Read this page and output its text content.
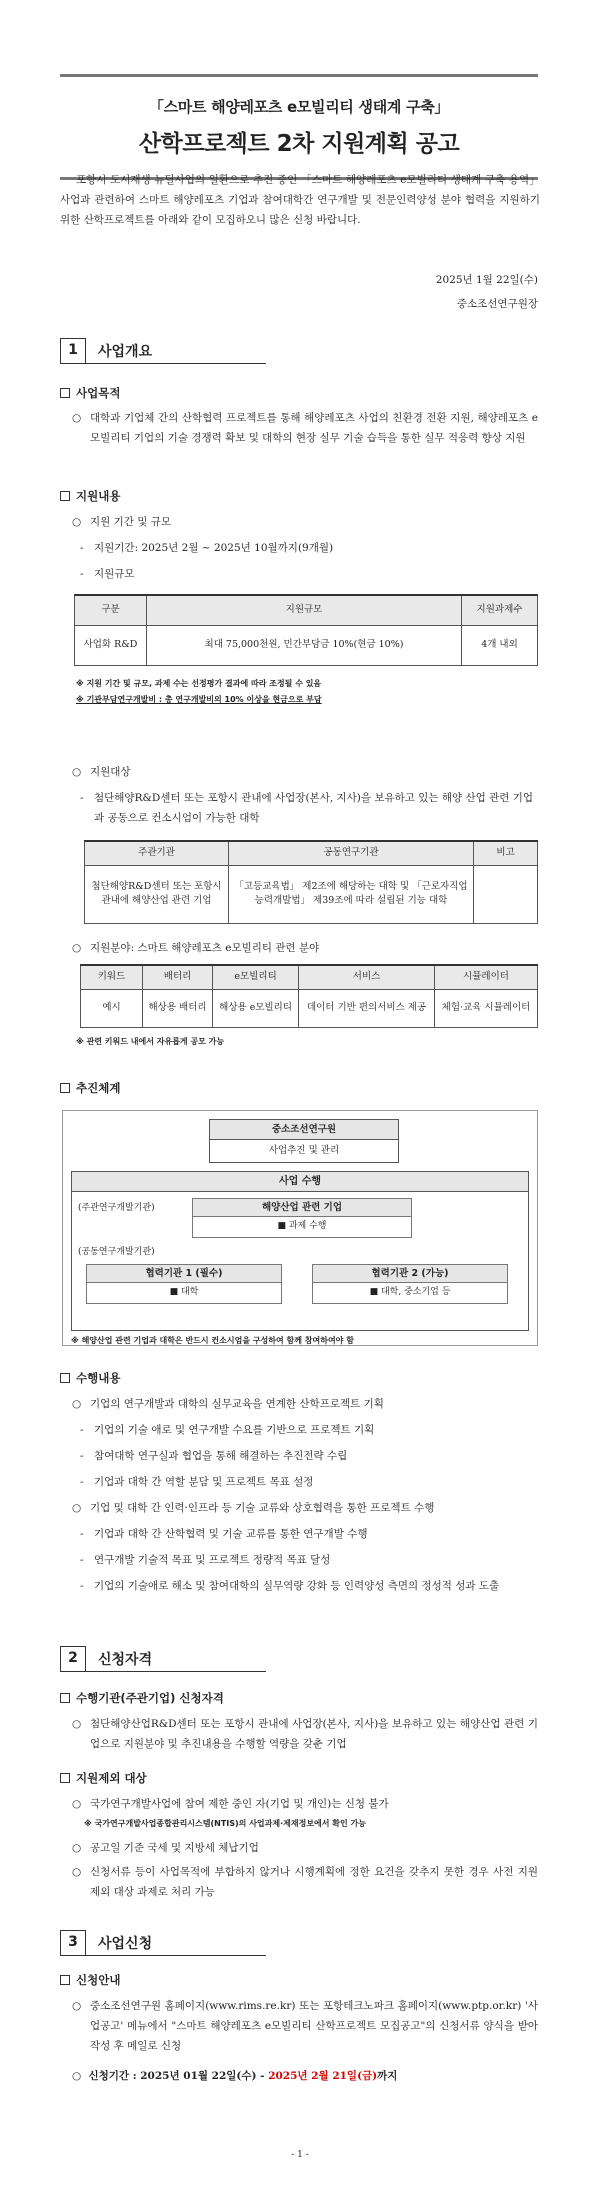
「스마트 해양레포츠 e모빌리티 생태계 구축」
산학프로젝트 2차 지원계획 공고

포항시 도시재생 뉴딜사업의 일환으로 추진 중인 「스마트 해양레포츠 e모빌리티 생태계 구축 용역」 사업과 관련하여 스마트 해양레포츠 기업과 참여대학간 연구개발 및 전문인력양성 분야 협력을 지원하기 위한 산학프로젝트를 아래와 같이 모집하오니 많은 신청 바랍니다.

2025년 1월 22일(수)
중소조선연구원장
1	사업개요
사업목적
○ 대학과 기업체 간의 산학협력 프로젝트를 통해 해양레포츠 사업의 친환경 전환 지원, 해양레포츠 e모빌리티 기업의 기술 경쟁력 확보 및 대학의 현장 실무 기술 습득을 통한 실무 적응력 향상 지원
지원내용
○ 지원 기간 및 규모
- 지원기간: 2025년 2월 ~ 2025년 10월까지(9개월)
- 지원규모
구분	지원규모	지원과제수
사업화 R&D	최대 75,000천원, 민간부담금 10%(현금 10%)	4개 내외
※ 지원 기간 및 규모, 과제 수는 선정평가 결과에 따라 조정될 수 있음
※ 기관부담연구개발비 : 총 연구개발비의 10% 이상을 현금으로 부담
○ 지원대상
- 첨단해양R&D센터 또는 포항시 관내에 사업장(본사, 지사)을 보유하고 있는 해양 산업 관련 기업과 공동으로 컨소시엄이 가능한 대학
주관기관	공동연구기관	비고
첨단해양R&D센터 또는 포항시 관내에 해양산업 관련 기업	「고등교육법」 제2조에 해당하는 대학 및 「근로자직업능력개발법」 제39조에 따라 설립된 기능 대학	
○ 지원분야: 스마트 해양레포츠 e모빌리티 관련 분야
키워드	배터리	e모빌리티	서비스	시뮬레이터
예시	해상용 배터리	해상용 e모빌리티	데이터 기반 편의서비스 제공	체험·교육 시뮬레이터
※ 관련 키워드 내에서 자유롭게 공모 가능
추진체계
중소조선연구원
사업추진 및 관리
사업 수행
(주관연구개발기관)	해양산업 관련 기업
■ 과제 수행
(공동연구개발기관)
협력기관 1 (필수)
■ 대학
협력기관 2 (가능)
■ 대학, 중소기업 등
※ 해양산업 관련 기업과 대학은 반드시 컨소시엄을 구성하여 함께 참여하여야 함
수행내용
○ 기업의 연구개발과 대학의 실무교육을 연계한 산학프로젝트 기획
- 기업의 기술 애로 및 연구개발 수요를 기반으로 프로젝트 기획
- 참여대학 연구실과 협업을 통해 해결하는 추진전략 수립
- 기업과 대학 간 역할 분담 및 프로젝트 목표 설정
○ 기업 및 대학 간 인력·인프라 등 기술 교류와 상호협력을 통한 프로젝트 수행
- 기업과 대학 간 산학협력 및 기술 교류를 통한 연구개발 수행
- 연구개발 기술적 목표 및 프로젝트 정량적 목표 달성
- 기업의 기술애로 해소 및 참여대학의 실무역량 강화 등 인력양성 측면의 정성적 성과 도출
2	신청자격
수행기관(주관기업) 신청자격
○ 첨단해양산업R&D센터 또는 포항시 관내에 사업장(본사, 지사)을 보유하고 있는 해양산업 관련 기업으로 지원분야 및 추진내용을 수행할 역량을 갖춘 기업
지원제외 대상
○ 국가연구개발사업에 참여 제한 중인 자(기업 및 개인)는 신청 불가
※ 국가연구개발사업종합관리시스템(NTIS)의 사업과제·제재정보에서 확인 가능
○ 공고일 기준 국세 및 지방세 체납기업
○ 신청서류 등이 사업목적에 부합하지 않거나 시행계획에 정한 요건을 갖추지 못한 경우 사전 지원 제외 대상 과제로 처리 가능
3	사업신청
신청안내
○ 중소조선연구원 홈페이지(www.rims.re.kr) 또는 포항테크노파크 홈페이지(www.ptp.or.kr) '사업공고' 메뉴에서 "스마트 해양레포츠 e모빌리티 산학프로젝트 모집공고"의 신청서류 양식을 받아 작성 후 메일로 신청
○  신청기간 : 2025년 01월 22일(수) - 2025년 2월 21일(금)까지
- 1 -
